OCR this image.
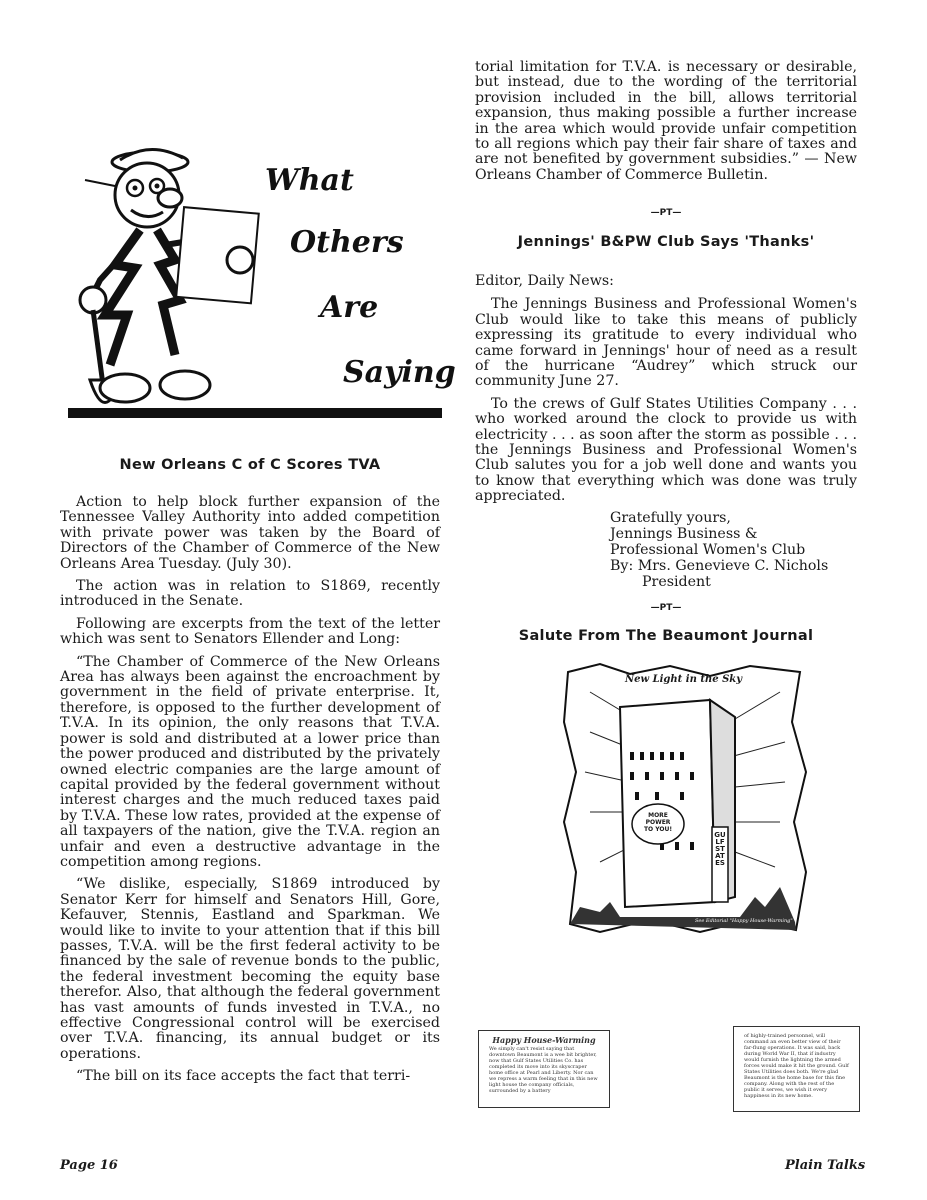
What
Others
Are
Saying
New Orleans C of C Scores TVA

Action to help block further expansion of the Tennessee Valley Authority into added competition with private power was taken by the Board of Directors of the Chamber of Commerce of the New Orleans Area Tuesday. (July 30).

The action was in relation to S1869, recently introduced in the Senate.

Following are excerpts from the text of the letter which was sent to Senators Ellender and Long:

“The Chamber of Commerce of the New Orleans Area has always been against the encroachment by government in the field of private enterprise. It, therefore, is opposed to the further development of T.V.A. In its opinion, the only reasons that T.V.A. power is sold and distributed at a lower price than the power produced and distributed by the privately owned electric companies are the large amount of capital provided by the federal government without interest charges and the much reduced taxes paid by T.V.A. These low rates, provided at the expense of all taxpayers of the nation, give the T.V.A. region an unfair and even a destructive advantage in the competition among regions.

“We dislike, especially, S1869 introduced by Senator Kerr for himself and Senators Hill, Gore, Kefauver, Stennis, Eastland and Sparkman. We would like to invite to your attention that if this bill passes, T.V.A. will be the first federal activity to be financed by the sale of revenue bonds to the public, the federal investment becoming the equity base therefor. Also, that although the federal government has vast amounts of funds invested in T.V.A., no effective Congressional control will be exercised over T.V.A. financing, its annual budget or its operations.

“The bill on its face accepts the fact that terri-

torial limitation for T.V.A. is necessary or desirable, but instead, due to the wording of the territorial provision included in the bill, allows territorial expansion, thus making possible a further increase in the area which would provide unfair competition to all regions which pay their fair share of taxes and are not benefited by government subsidies.” — New Orleans Chamber of Commerce Bulletin.

—PT—
Jennings' B&PW Club Says 'Thanks'

Editor, Daily News:

The Jennings Business and Professional Women's Club would like to take this means of publicly expressing its gratitude to every individual who came forward in Jennings' hour of need as a result of the hurricane “Audrey” which struck our community June 27.

To the crews of Gulf States Utilities Company . . . who worked around the clock to provide us with electricity . . . as soon after the storm as possible . . . the Jennings Business and Professional Women's Club salutes you for a job well done and wants you to know that everything which was done was truly appreciated.

Gratefully yours,
Jennings Business &
Professional Women's Club
By: Mrs. Genevieve C. Nichols
President
—PT—
Salute From The Beaumont Journal
New Light in the Sky
MORE
POWER
TO YOU!
GULF STATES
See Editorial "Happy House-Warming"
Happy House-Warming
We simply can't resist saying that downtown Beaumont is a wee bit brighter, now that Gulf States Utilities Co. has completed its move into its skyscraper home office at Pearl and Liberty. Nor can we repress a warm feeling that in this new light house the company officials, surrounded by a battery
of highly-trained personnel, will command an even better view of their far-flung operations. It was said, back during World War II, that if industry would furnish the lightning the armed forces would make it hit the ground. Gulf States Utilities does both. We're glad Beaumont is the home base for this fine company. Along with the rest of the public it serves, we wish it every happiness in its new home.
Page 16	Plain Talks
